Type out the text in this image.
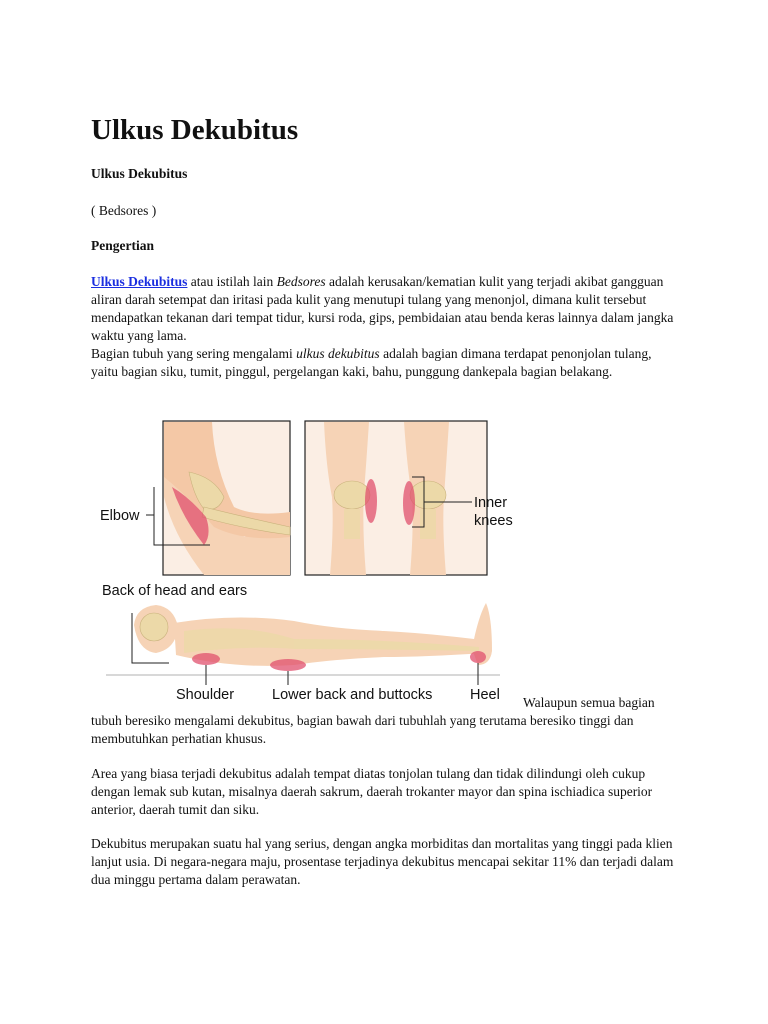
Ulkus Dekubitus

Ulkus Dekubitus

( Bedsores )

Pengertian

Ulkus Dekubitus atau istilah lain Bedsores adalah kerusakan/kematian kulit yang terjadi akibat gangguan aliran darah setempat dan iritasi pada kulit yang menutupi tulang yang menonjol, dimana kulit tersebut mendapatkan tekanan dari tempat tidur, kursi roda, gips, pembidaian atau benda keras lainnya dalam jangka waktu yang lama.

Bagian tubuh yang sering mengalami ulkus dekubitus adalah bagian dimana terdapat penonjolan tulang, yaitu bagian siku, tumit, pinggul, pergelangan kaki, bahu, punggung dankepala bagian belakang.

Walaupun semua bagian tubuh beresiko mengalami dekubitus, bagian bawah dari tubuhlah yang terutama beresiko tinggi dan membutuhkan perhatian khusus.

Area yang biasa terjadi dekubitus adalah tempat diatas tonjolan tulang dan tidak dilindungi oleh cukup dengan lemak sub kutan, misalnya daerah sakrum, daerah trokanter mayor dan spina ischiadica superior anterior, daerah tumit dan siku.

Dekubitus merupakan suatu hal yang serius, dengan angka morbiditas dan mortalitas yang tinggi pada klien lanjut usia. Di negara-negara maju, prosentase terjadinya dekubitus mencapai sekitar 11% dan terjadi dalam dua minggu pertama dalam perawatan.

Elbow
Inner
knees
Back of head and ears
Shoulder	Lower back and buttocks	Heel
